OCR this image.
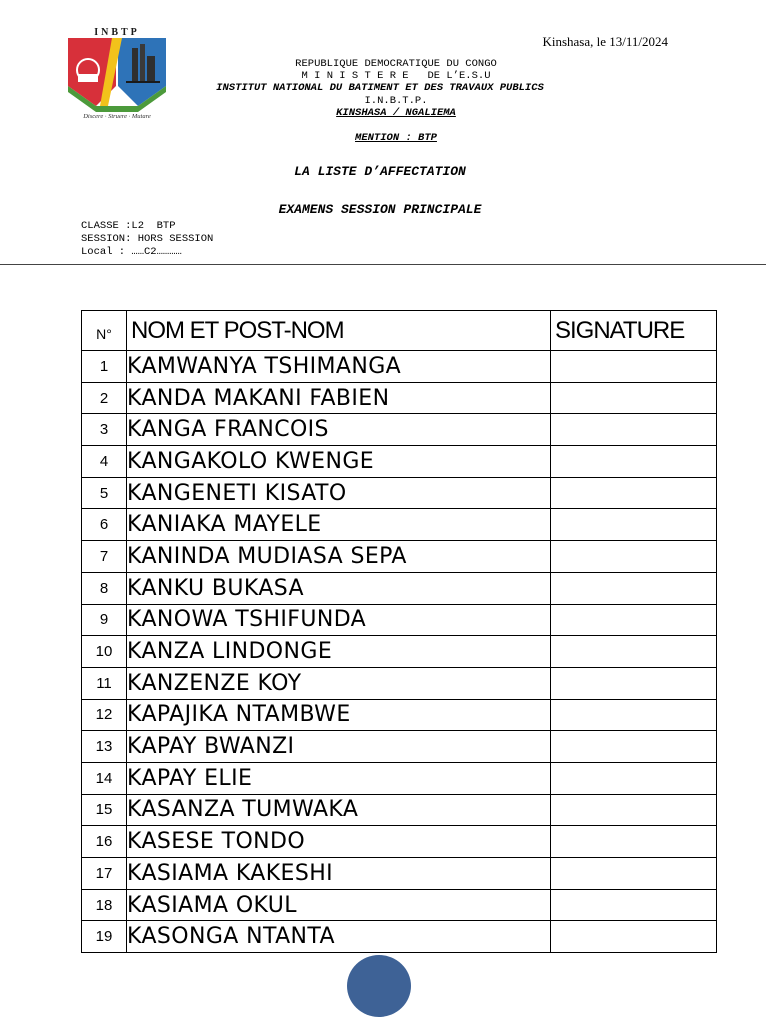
INBTP
Discere · Struere · Mutare
Kinshasa, le 13/11/2024
REPUBLIQUE DEMOCRATIQUE DU CONGO
M I N I S T E R E   DE L’E.S.U
INSTITUT NATIONAL DU BATIMENT ET DES TRAVAUX PUBLICS
I.N.B.T.P.
KINSHASA / NGALIEMA
MENTION : BTP
LA LISTE D’AFFECTATION
EXAMENS SESSION PRINCIPALE
CLASSE :L2  BTP
SESSION: HORS SESSION
Local : ……C2…………
N°	NOM ET POST-NOM	SIGNATURE
1	KAMWANYA TSHIMANGA	
2	KANDA MAKANI FABIEN	
3	KANGA FRANCOIS	
4	KANGAKOLO KWENGE	
5	KANGENETI KISATO	
6	KANIAKA MAYELE	
7	KANINDA MUDIASA SEPA	
8	KANKU BUKASA	
9	KANOWA TSHIFUNDA	
10	KANZA LINDONGE	
11	KANZENZE KOY	
12	KAPAJIKA NTAMBWE	
13	KAPAY BWANZI	
14	KAPAY ELIE	
15	KASANZA TUMWAKA	
16	KASESE TONDO	
17	KASIAMA KAKESHI	
18	KASIAMA OKUL	
19	KASONGA NTANTA	
